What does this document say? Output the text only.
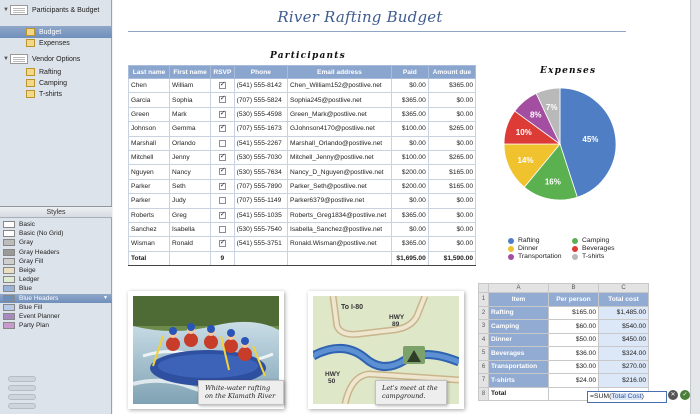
▼	Participants & Budget
Budget
Expenses
▼	Vendor Options
Rafting
Camping
T-shirts
Styles
Basic
Basic (No Grid)
Gray
Gray Headers
Gray Fill
Beige
Ledger
Blue
Blue Headers	▼
Blue Fill
Event Planner
Party Plan
River Rafting Budget
Participants
Last name	First name	RSVP	Phone	Email address	Paid	Amount due
Chen	William	✓	(541) 555-8142	Chen_William152@postlive.net	$0.00	$365.00
Garcia	Sophia	✓	(707) 555-5824	Sophia245@postlive.net	$365.00	$0.00
Green	Mark	✓	(530) 555-4598	Green_Mark@postlive.net	$365.00	$0.00
Johnson	Gemma	✓	(707) 555-1673	GJohnson4170@postlive.net	$100.00	$265.00
Marshall	Orlando		(541) 555-2267	Marshall_Orlando@postlive.net	$0.00	$0.00
Mitchell	Jenny	✓	(530) 555-7030	Mitchell_Jenny@postlive.net	$100.00	$265.00
Nguyen	Nancy	✓	(530) 555-7634	Nancy_D_Nguyen@postlive.net	$200.00	$165.00
Parker	Seth	✓	(707) 555-7890	Parker_Seth@postlive.net	$200.00	$165.00
Parker	Judy		(707) 555-1149	Parker6379@postlive.net	$0.00	$0.00
Roberts	Greg	✓	(541) 555-1035	Roberts_Greg1834@postlive.net	$365.00	$0.00
Sanchez	Isabella		(530) 555-7540	Isabella_Sanchez@postlive.net	$0.00	$0.00
Wisman	Ronald	✓	(541) 555-3751	Ronald.Wisman@postlive.net	$365.00	$0.00
Total		9			$1,695.00	$1,590.00
Expenses
45%
16%
14%
10%
8%
7%
Rafting	Camping
Dinner	Beverages
Transportation	T-shirts
White-water rafting on the Klamath River
To I-80
HWY 89
HWY 50
Let's meet at the campground.
	A	B	C
1	Item	Per person	Total cost
2	Rafting	$165.00	$1,485.00
3	Camping	$60.00	$540.00
4	Dinner	$50.00	$450.00
5	Beverages	$36.00	$324.00
6	Transportation	$30.00	$270.00
7	T-shirts	$24.00	$216.00
8	Total			=SUM(Total Cost)	✕	✓
